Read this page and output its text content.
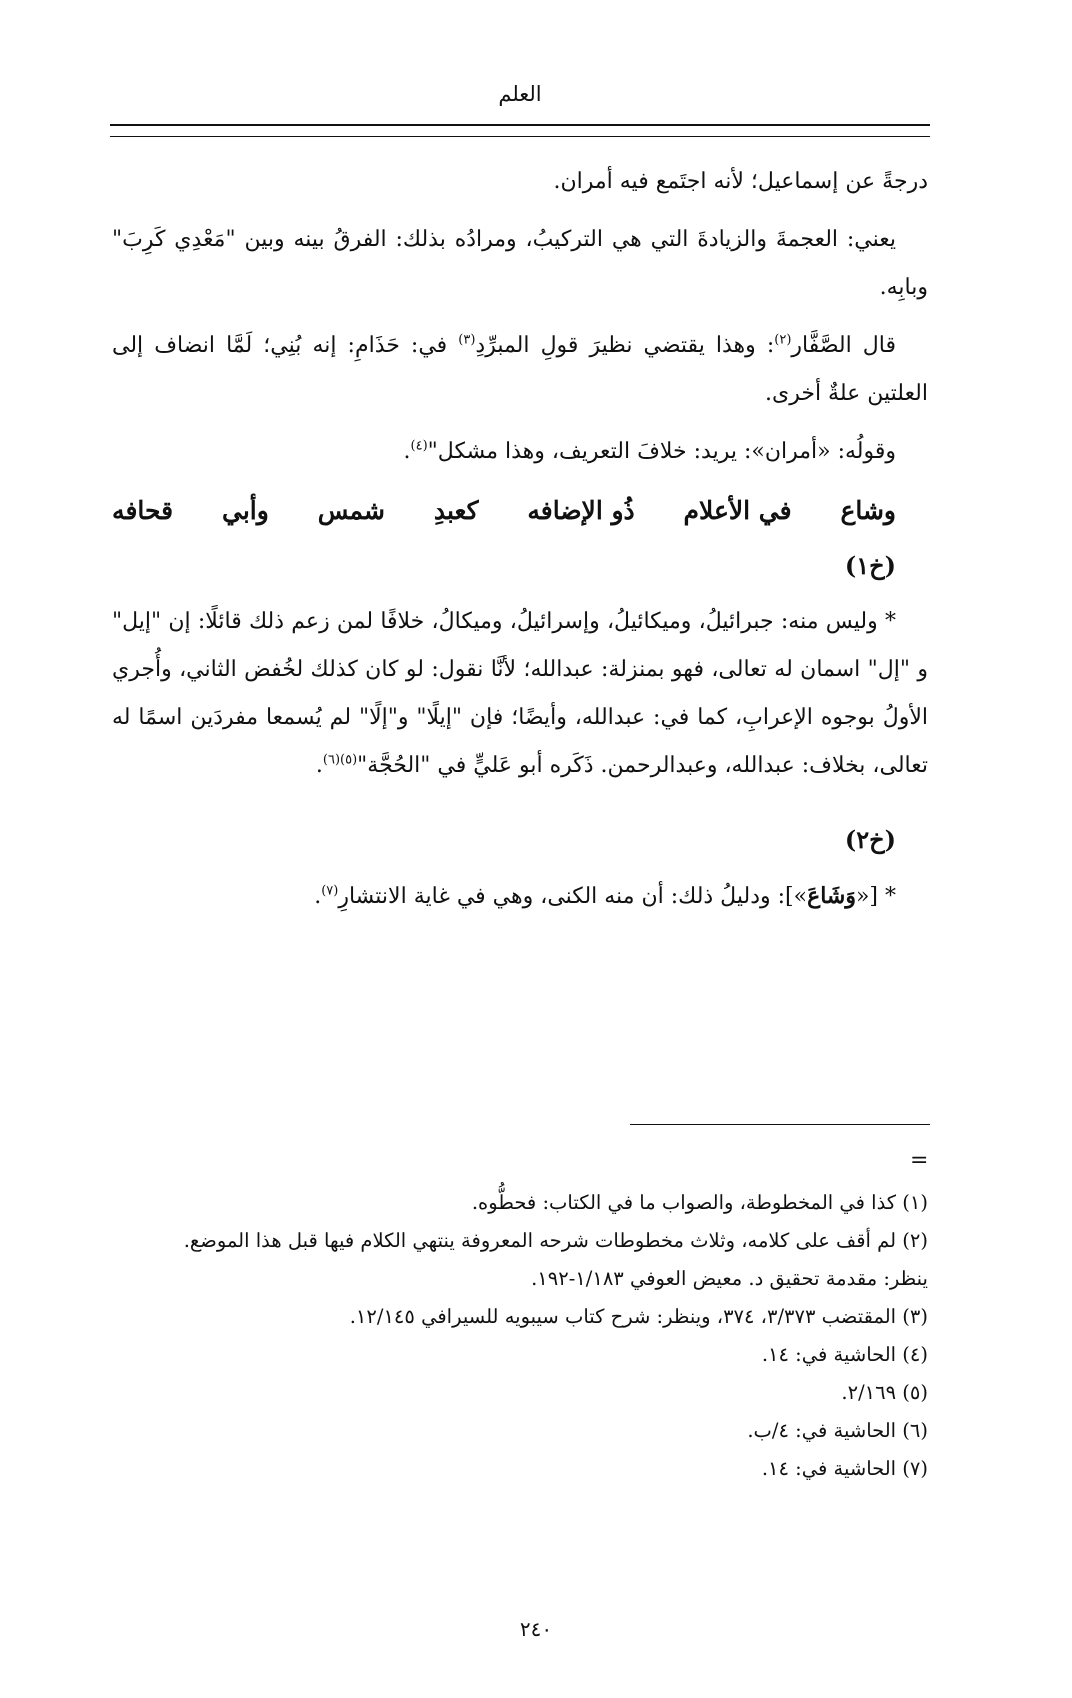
العلم

درجةً عن إسماعيل؛ لأنه اجتَمع فيه أمران.

يعني: العجمةَ والزيادةَ التي هي التركيبُ، ومرادُه بذلك: الفرقُ بينه وبين "مَعْدِي كَرِبَ" وبابِه.

قال الصَّفَّار$^{(٢)}$: وهذا يقتضي نظيرَ قولِ المبرِّدِ$^{(٣)}$ في: حَذَامِ: إنه بُنِي؛ لَمَّا انضاف إلى العلتين علةٌ أخرى.

وقولُه: «أمران»: يريد: خلافَ التعريف، وهذا مشكل"$^{(٤)}$.

وشاع
في الأعلام
ذُو الإضافه
كعبدِ
شمس
وأبي
قحافه
(خ١)

* وليس منه: جبرائيلُ، وميكائيلُ، وإسرائيلُ، وميكالُ، خلافًا لمن زعم ذلك قائلًا: إن "إيل" و "إل" اسمان له تعالى، فهو بمنزلة: عبدالله؛ لأنَّا نقول: لو كان كذلك لخُفض الثاني، وأُجري الأولُ بوجوه الإعرابِ، كما في: عبدالله، وأيضًا؛ فإن "إيلًا" و"إلًا" لم يُسمعا مفردَين اسمًا له تعالى، بخلاف: عبدالله، وعبدالرحمن. ذَكَره أبو عَليٍّ في "الحُجَّة"$^{(٥)(٦)}$.

(خ٢)

* [«وَشَاعَ»]: ودليلُ ذلك: أن منه الكنى، وهي في غاية الانتشارِ$^{(٧)}$.

=
(١) كذا في المخطوطة، والصواب ما في الكتاب: فحطُّوه.
(٢) لم أقف على كلامه، وثلاث مخطوطات شرحه المعروفة ينتهي الكلام فيها قبل هذا الموضع.
ينظر: مقدمة تحقيق د. معيض العوفي ١/١٨٣-١٩٢.
(٣) المقتضب ٣/٣٧٣، ٣٧٤، وينظر: شرح كتاب سيبويه للسيرافي ١٢/١٤٥.
(٤) الحاشية في: ١٤.
(٥) ٢/١٦٩.
(٦) الحاشية في: ٤/ب.
(٧) الحاشية في: ١٤.
٢٤٠
